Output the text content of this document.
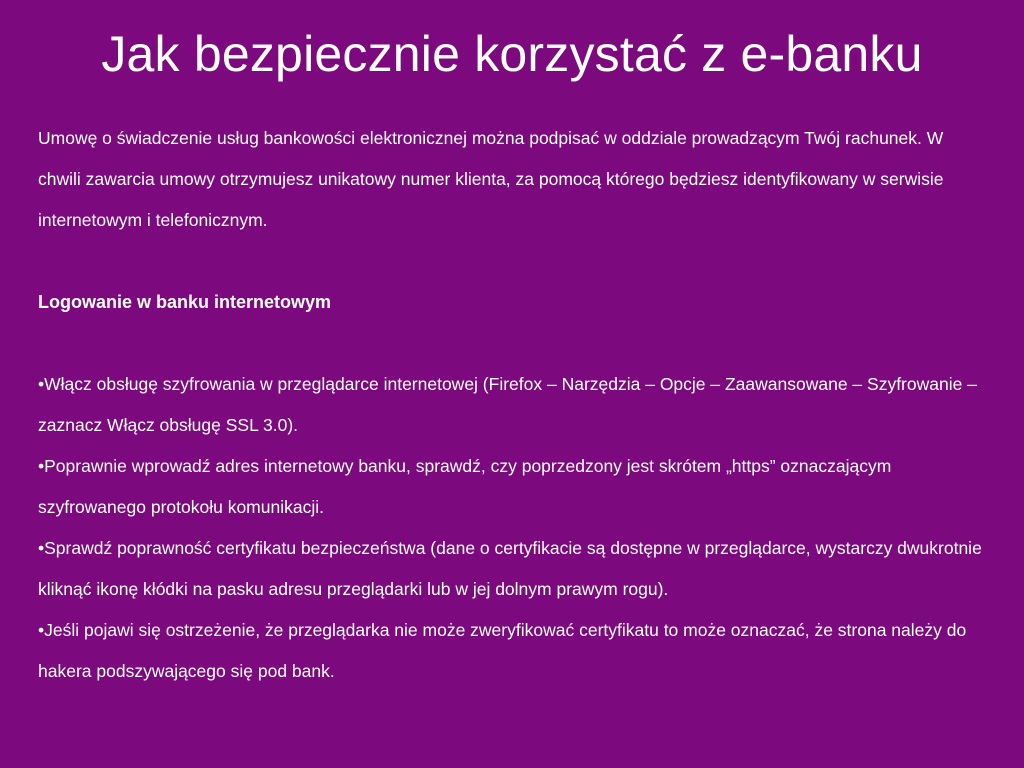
Jak bezpiecznie korzystać z e-banku

Umowę o świadczenie usług bankowości elektronicznej można podpisać w oddziale prowadzącym Twój rachunek. W chwili zawarcia umowy otrzymujesz unikatowy numer klienta, za pomocą którego będziesz identyfikowany w serwisie internetowym i telefonicznym.

Logowanie w banku internetowym

•Włącz obsługę szyfrowania w przeglądarce internetowej (Firefox – Narzędzia – Opcje – Zaawansowane – Szyfrowanie – zaznacz Włącz obsługę SSL 3.0).

•Poprawnie wprowadź adres internetowy banku, sprawdź, czy poprzedzony jest skrótem „https” oznaczającym szyfrowanego protokołu komunikacji.

•Sprawdź poprawność certyfikatu bezpieczeństwa (dane o certyfikacie są dostępne w przeglądarce, wystarczy dwukrotnie kliknąć ikonę kłódki na pasku adresu przeglądarki lub w jej dolnym prawym rogu).

•Jeśli pojawi się ostrzeżenie, że przeglądarka nie może zweryfikować certyfikatu to może oznaczać, że strona należy do hakera podszywającego się pod bank.
